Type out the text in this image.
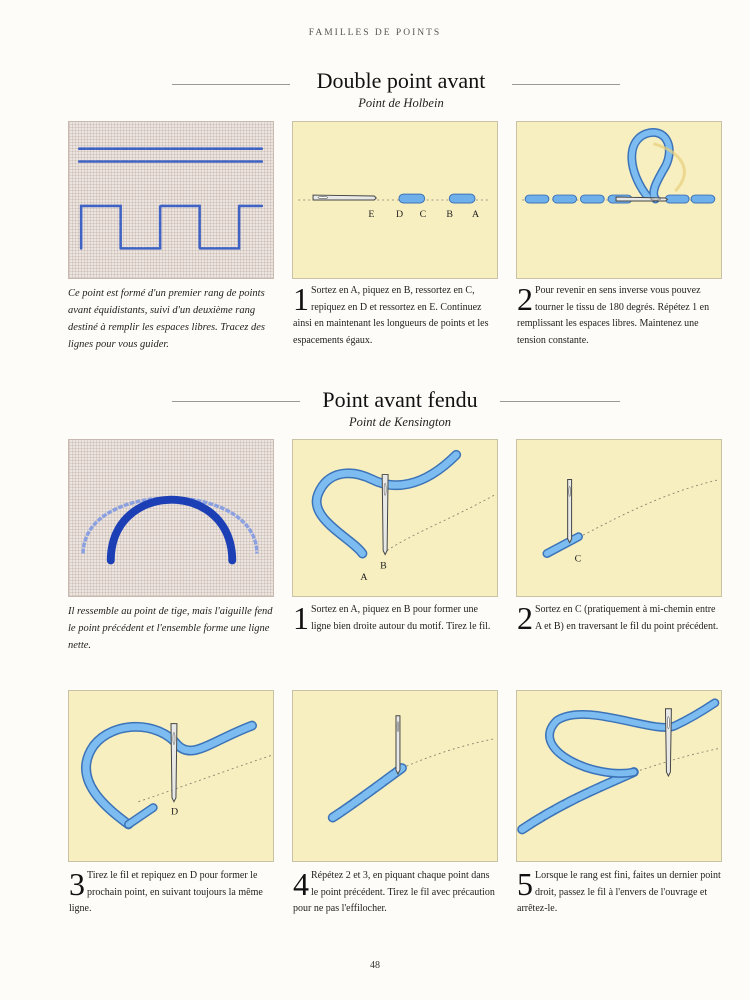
FAMILLES DE POINTS
Double point avant
Point de Holbein
E D C B A
Ce point est formé d'un premier rang de points avant équidistants, suivi d'un deuxième rang destiné à remplir les espaces libres. Tracez des lignes pour vous guider.
1 Sortez en A, piquez en B, ressortez en C, repiquez en D et ressortez en E. Continuez ainsi en maintenant les longueurs de points et les espacements égaux.
2 Pour revenir en sens inverse vous pouvez tourner le tissu de 180 degrés. Répétez 1 en remplissant les espaces libres. Maintenez une tension constante.
Point avant fendu
Point de Kensington
A
B
C
Il ressemble au point de tige, mais l'aiguille fend le point précédent et l'ensemble forme une ligne nette.
1 Sortez en A, piquez en B pour former une ligne bien droite autour du motif. Tirez le fil. 2 Sortez en C (pratiquement à mi-chemin entre A et B) en traversant le fil du point précédent.
D
3 Tirez le fil et repiquez en D pour former le prochain point, en suivant toujours la même ligne.
4 Répétez 2 et 3, en piquant chaque point dans le point précédent. Tirez le fil avec précaution pour ne pas l'effilocher.
5 Lorsque le rang est fini, faites un dernier point droit, passez le fil à l'envers de l'ouvrage et arrêtez-le.
48
